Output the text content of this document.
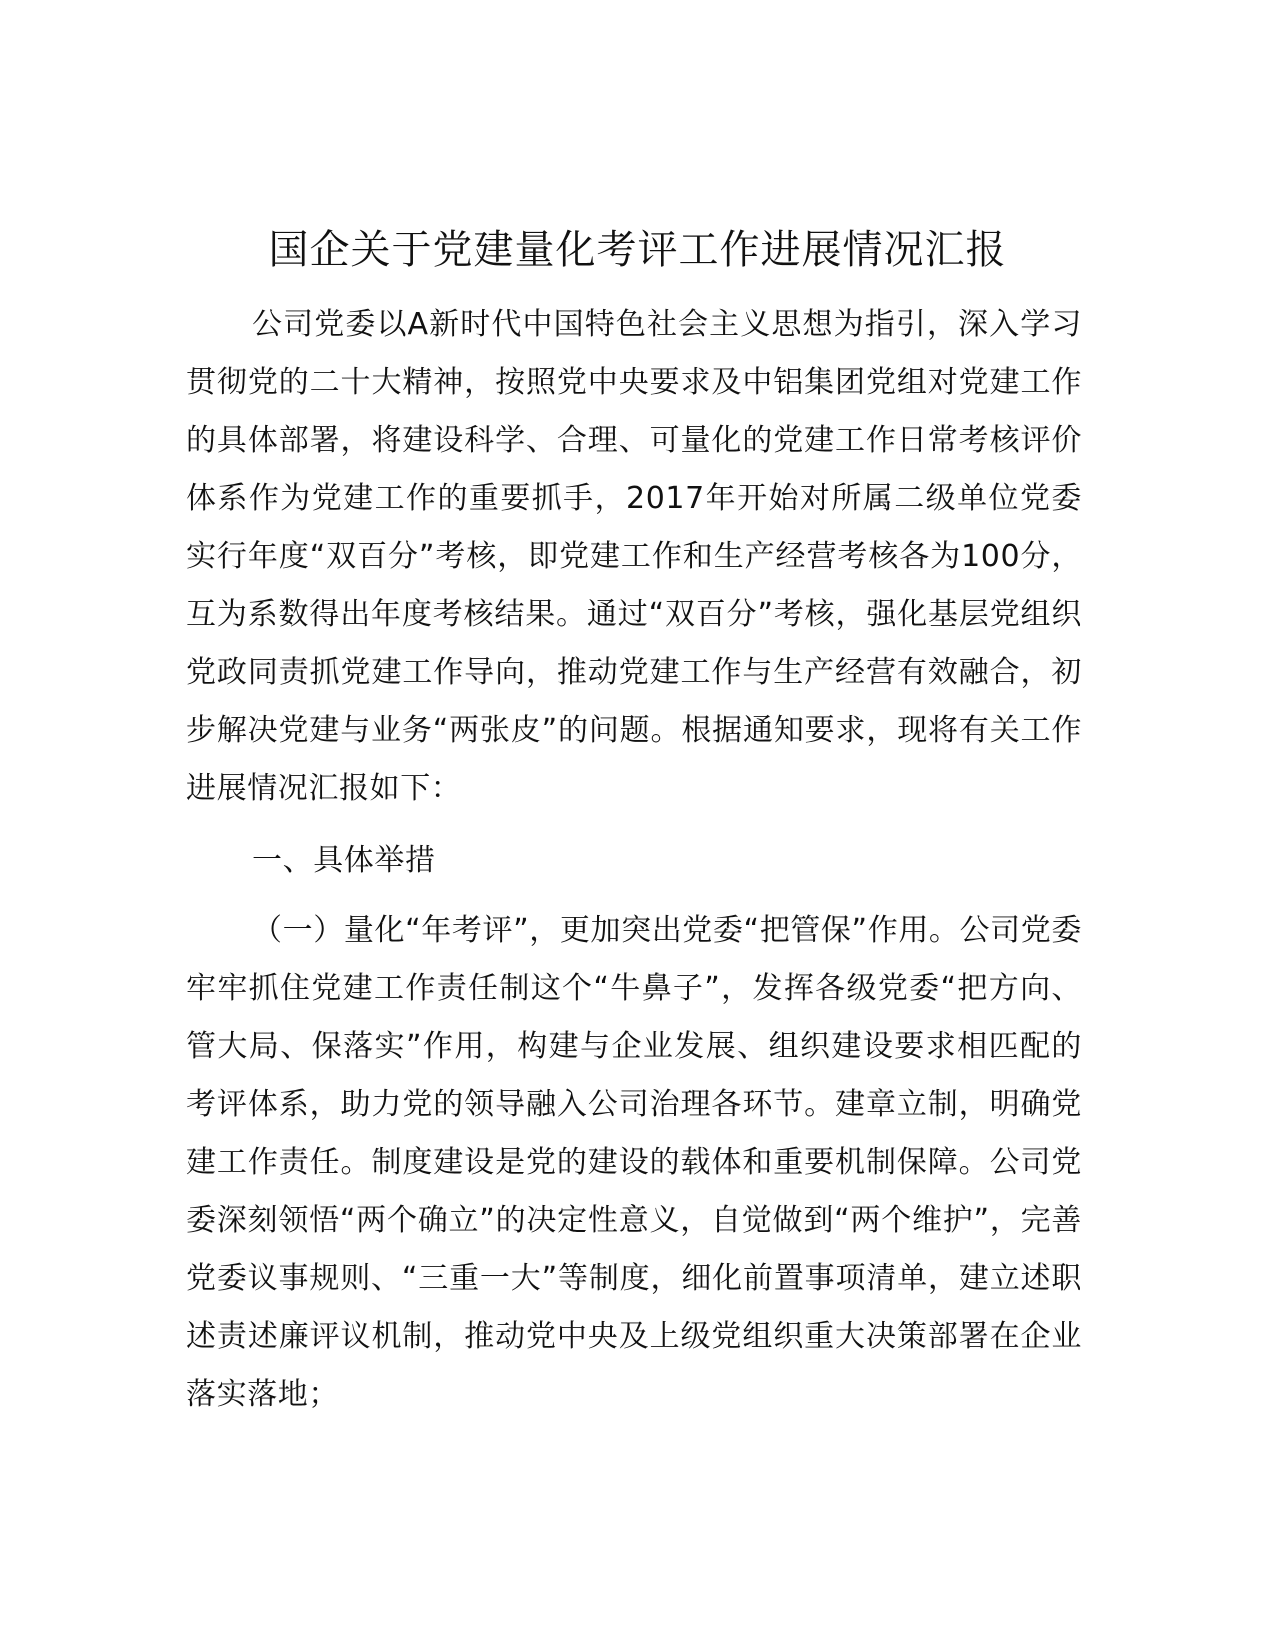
国企关于党建量化考评工作进展情况汇报

公司党委以A新时代中国特色社会主义思想为指引，深入学习贯彻党的二十大精神，按照党中央要求及中铝集团党组对党建工作的具体部署，将建设科学、合理、可量化的党建工作日常考核评价体系作为党建工作的重要抓手，2017年开始对所属二级单位党委实行年度“双百分”考核，即党建工作和生产经营考核各为100分，互为系数得出年度考核结果。通过“双百分”考核，强化基层党组织党政同责抓党建工作导向，推动党建工作与生产经营有效融合，初步解决党建与业务“两张皮”的问题。根据通知要求，现将有关工作进展情况汇报如下：

一、具体举措

（一）量化“年考评”，更加突出党委“把管保”作用。公司党委牢牢抓住党建工作责任制这个“牛鼻子”，发挥各级党委“把方向、管大局、保落实”作用，构建与企业发展、组织建设要求相匹配的考评体系，助力党的领导融入公司治理各环节。建章立制，明确党建工作责任。制度建设是党的建设的载体和重要机制保障。公司党委深刻领悟“两个确立”的决定性意义，自觉做到“两个维护”，完善党委议事规则、“三重一大”等制度，细化前置事项清单，建立述职述责述廉评议机制，推动党中央及上级党组织重大决策部署在企业落实落地；
